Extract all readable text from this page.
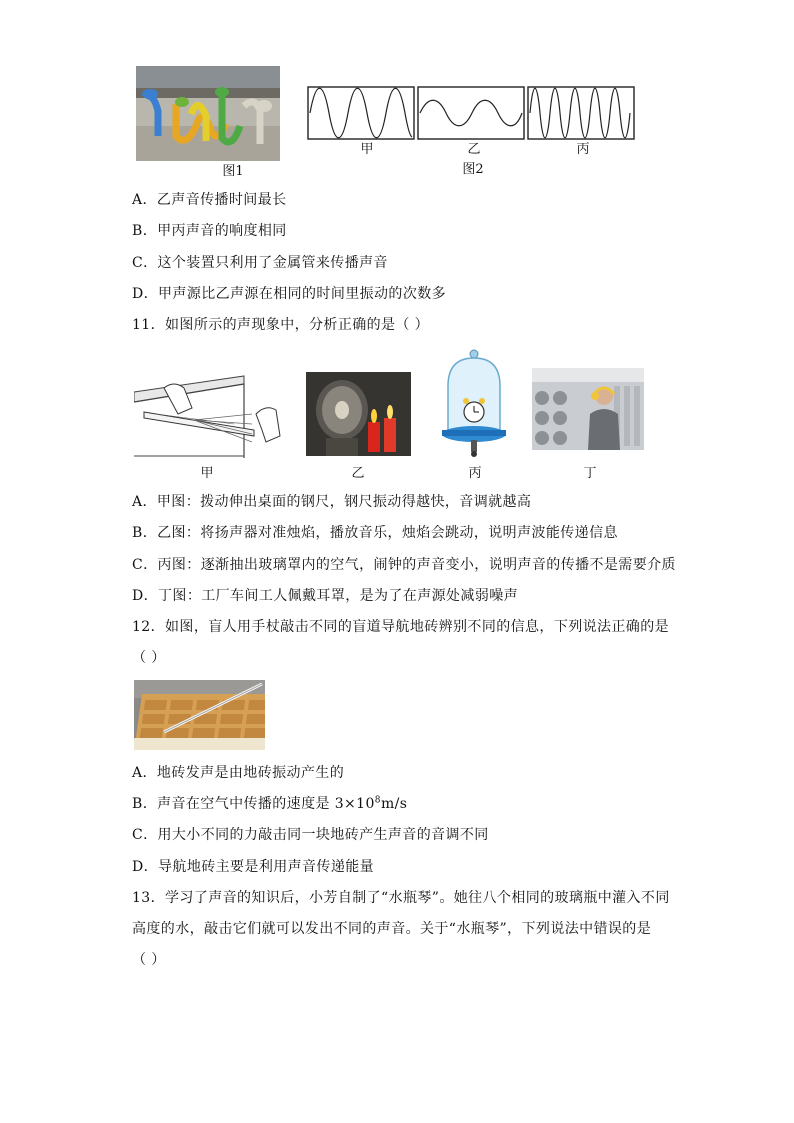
图1
甲	乙	丙
图2
A．乙声音传播时间最长
B．甲丙声音的响度相同
C．这个装置只利用了金属管来传播声音
D．甲声源比乙声源在相同的时间里振动的次数多
11．如图所示的声现象中，分析正确的是（ ）
甲	乙	丙	丁
A．甲图：拨动伸出桌面的钢尺，钢尺振动得越快，音调就越高
B．乙图：将扬声器对准烛焰，播放音乐，烛焰会跳动，说明声波能传递信息
C．丙图：逐渐抽出玻璃罩内的空气，闹钟的声音变小，说明声音的传播不是需要介质
D．丁图：工厂车间工人佩戴耳罩，是为了在声源处减弱噪声
12．如图，盲人用手杖敲击不同的盲道导航地砖辨别不同的信息，下列说法正确的是
（ ）
A．地砖发声是由地砖振动产生的
B．声音在空气中传播的速度是 $3\times 10^8m/s$
C．用大小不同的力敲击同一块地砖产生声音的音调不同
D．导航地砖主要是利用声音传递能量
13．学习了声音的知识后，小芳自制了“水瓶琴”。她往八个相同的玻璃瓶中灌入不同
高度的水，敲击它们就可以发出不同的声音。关于“水瓶琴”，下列说法中错误的是
（ ）
